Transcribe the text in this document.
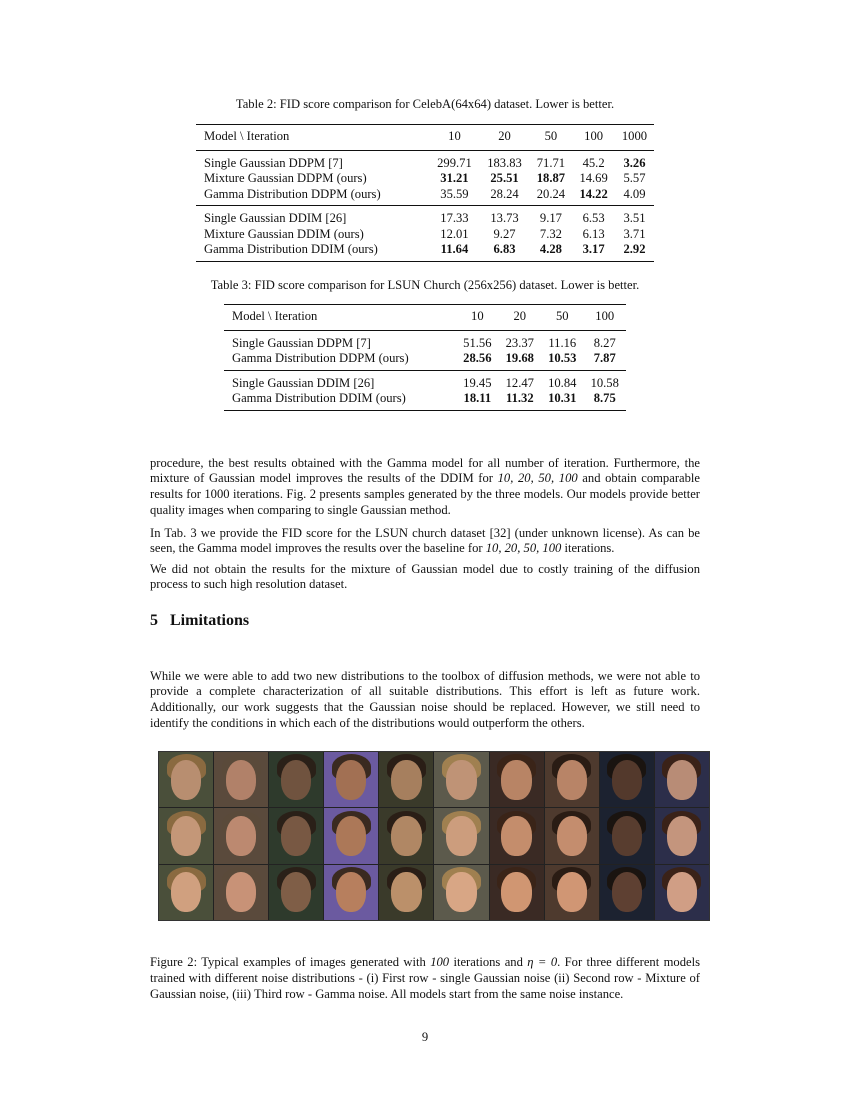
Table 2: FID score comparison for CelebA(64x64) dataset. Lower is better.
Model \ Iteration	10	20	50	100	1000
Single Gaussian DDPM [7]	299.71	183.83	71.71	45.2	3.26
Mixture Gaussian DDPM (ours)	31.21	25.51	18.87	14.69	5.57
Gamma Distribution DDPM (ours)	35.59	28.24	20.24	14.22	4.09
Single Gaussian DDIM [26]	17.33	13.73	9.17	6.53	3.51
Mixture Gaussian DDIM (ours)	12.01	9.27	7.32	6.13	3.71
Gamma Distribution DDIM (ours)	11.64	6.83	4.28	3.17	2.92
Table 3: FID score comparison for LSUN Church (256x256) dataset. Lower is better.
Model \ Iteration	10	20	50	100
Single Gaussian DDPM [7]	51.56	23.37	11.16	8.27
Gamma Distribution DDPM (ours)	28.56	19.68	10.53	7.87
Single Gaussian DDIM [26]	19.45	12.47	10.84	10.58
Gamma Distribution DDIM (ours)	18.11	11.32	10.31	8.75

procedure, the best results obtained with the Gamma model for all number of iteration. Furthermore, the mixture of Gaussian model improves the results of the DDIM for 10, 20, 50, 100 and obtain comparable results for 1000 iterations. Fig. 2 presents samples generated by the three models. Our models provide better quality images when comparing to single Gaussian method.

In Tab. 3 we provide the FID score for the LSUN church dataset [32] (under unknown license). As can be seen, the Gamma model improves the results over the baseline for 10, 20, 50, 100 iterations.

We did not obtain the results for the mixture of Gaussian model due to costly training of the diffusion process to such high resolution dataset.

5 Limitations

While we were able to add two new distributions to the toolbox of diffusion methods, we were not able to provide a complete characterization of all suitable distributions. This effort is left as future work. Additionally, our work suggests that the Gaussian noise should be replaced. However, we still need to identify the conditions in which each of the distributions would outperform the others.

Figure 2: Typical examples of images generated with 100 iterations and η = 0. For three different models trained with different noise distributions - (i) First row - single Gaussian noise (ii) Second row - Mixture of Gaussian noise, (iii) Third row - Gamma noise. All models start from the same noise instance.

9
